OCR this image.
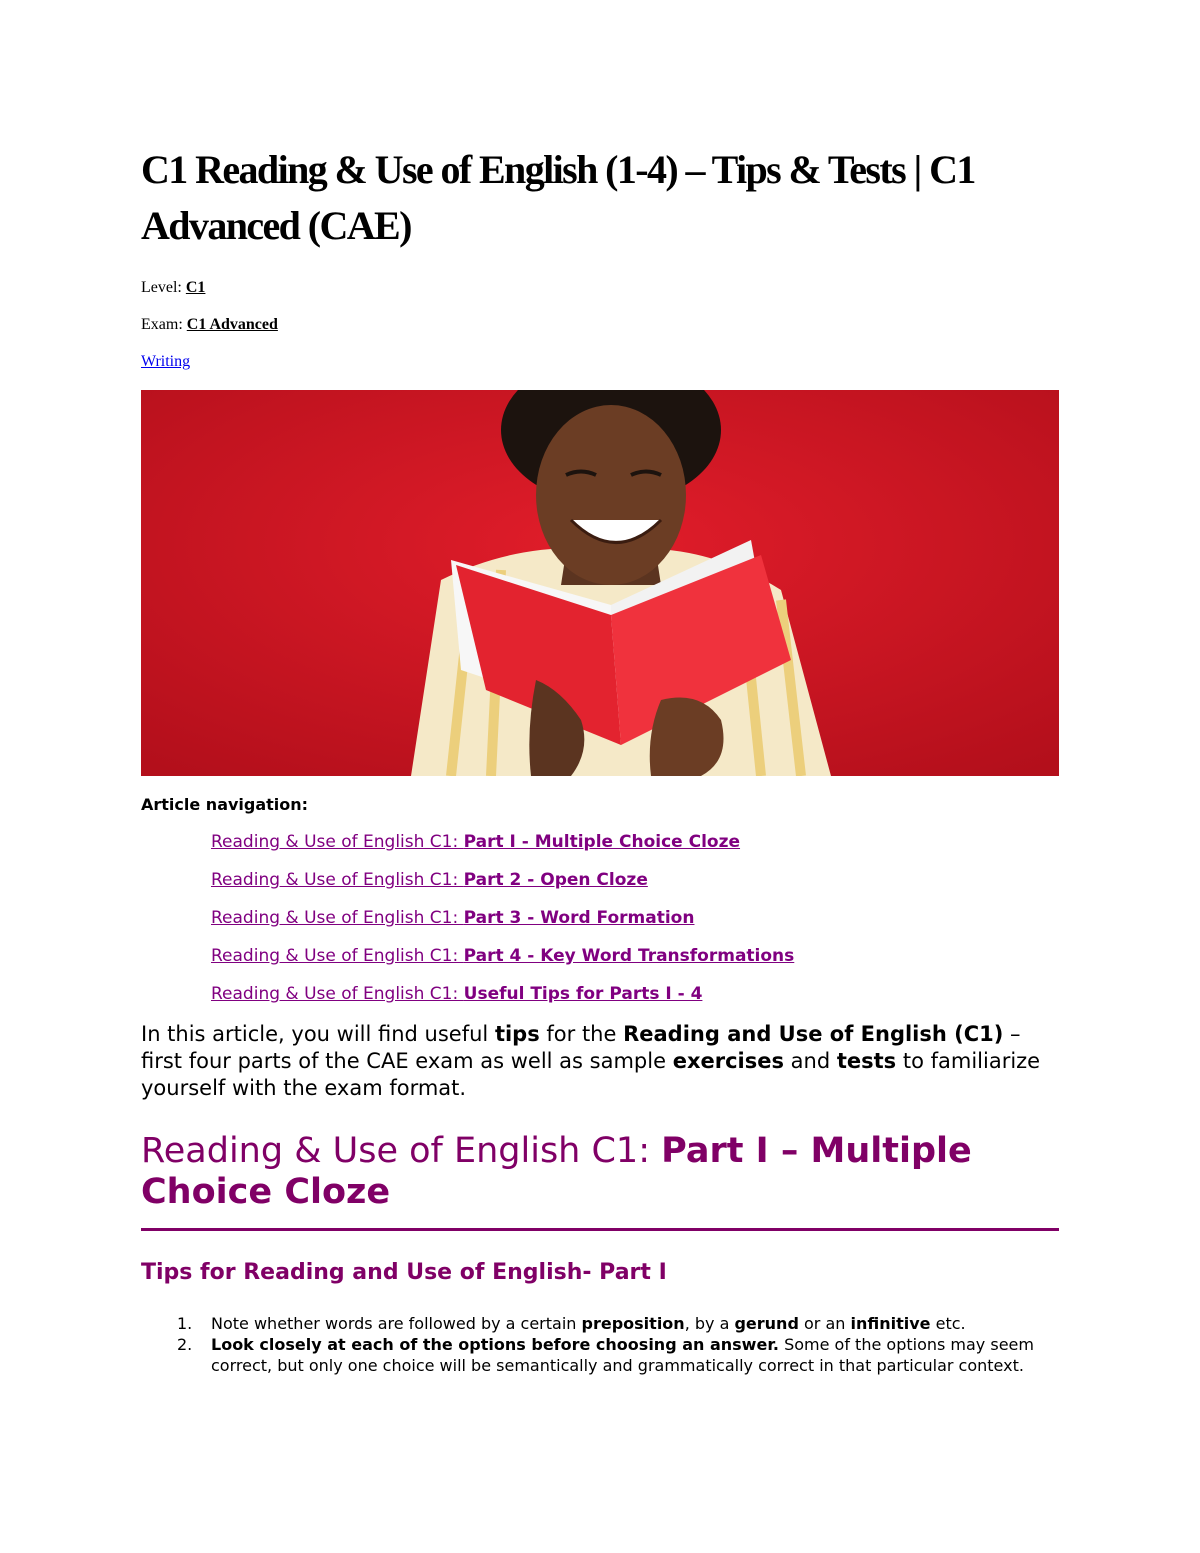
C1 Reading & Use of English (1-4) – Tips & Tests | C1 Advanced (CAE)
Level: C1
Exam: C1 Advanced
Writing
Article navigation:
Reading & Use of English C1: Part I - Multiple Choice Cloze
Reading & Use of English C1: Part 2 - Open Cloze
Reading & Use of English C1: Part 3 - Word Formation
Reading & Use of English C1: Part 4 - Key Word Transformations
Reading & Use of English C1: Useful Tips for Parts I - 4

In this article, you will find useful tips for the Reading and Use of English (C1) – first four parts of the CAE exam as well as sample exercises and tests to familiarize yourself with the exam format.

Reading & Use of English C1: Part I – Multiple Choice Cloze
Tips for Reading and Use of English- Part I
1. Note whether words are followed by a certain preposition, by a gerund or an infinitive etc.
2. Look closely at each of the options before choosing an answer. Some of the options may seem correct, but only one choice will be semantically and grammatically correct in that particular context.
